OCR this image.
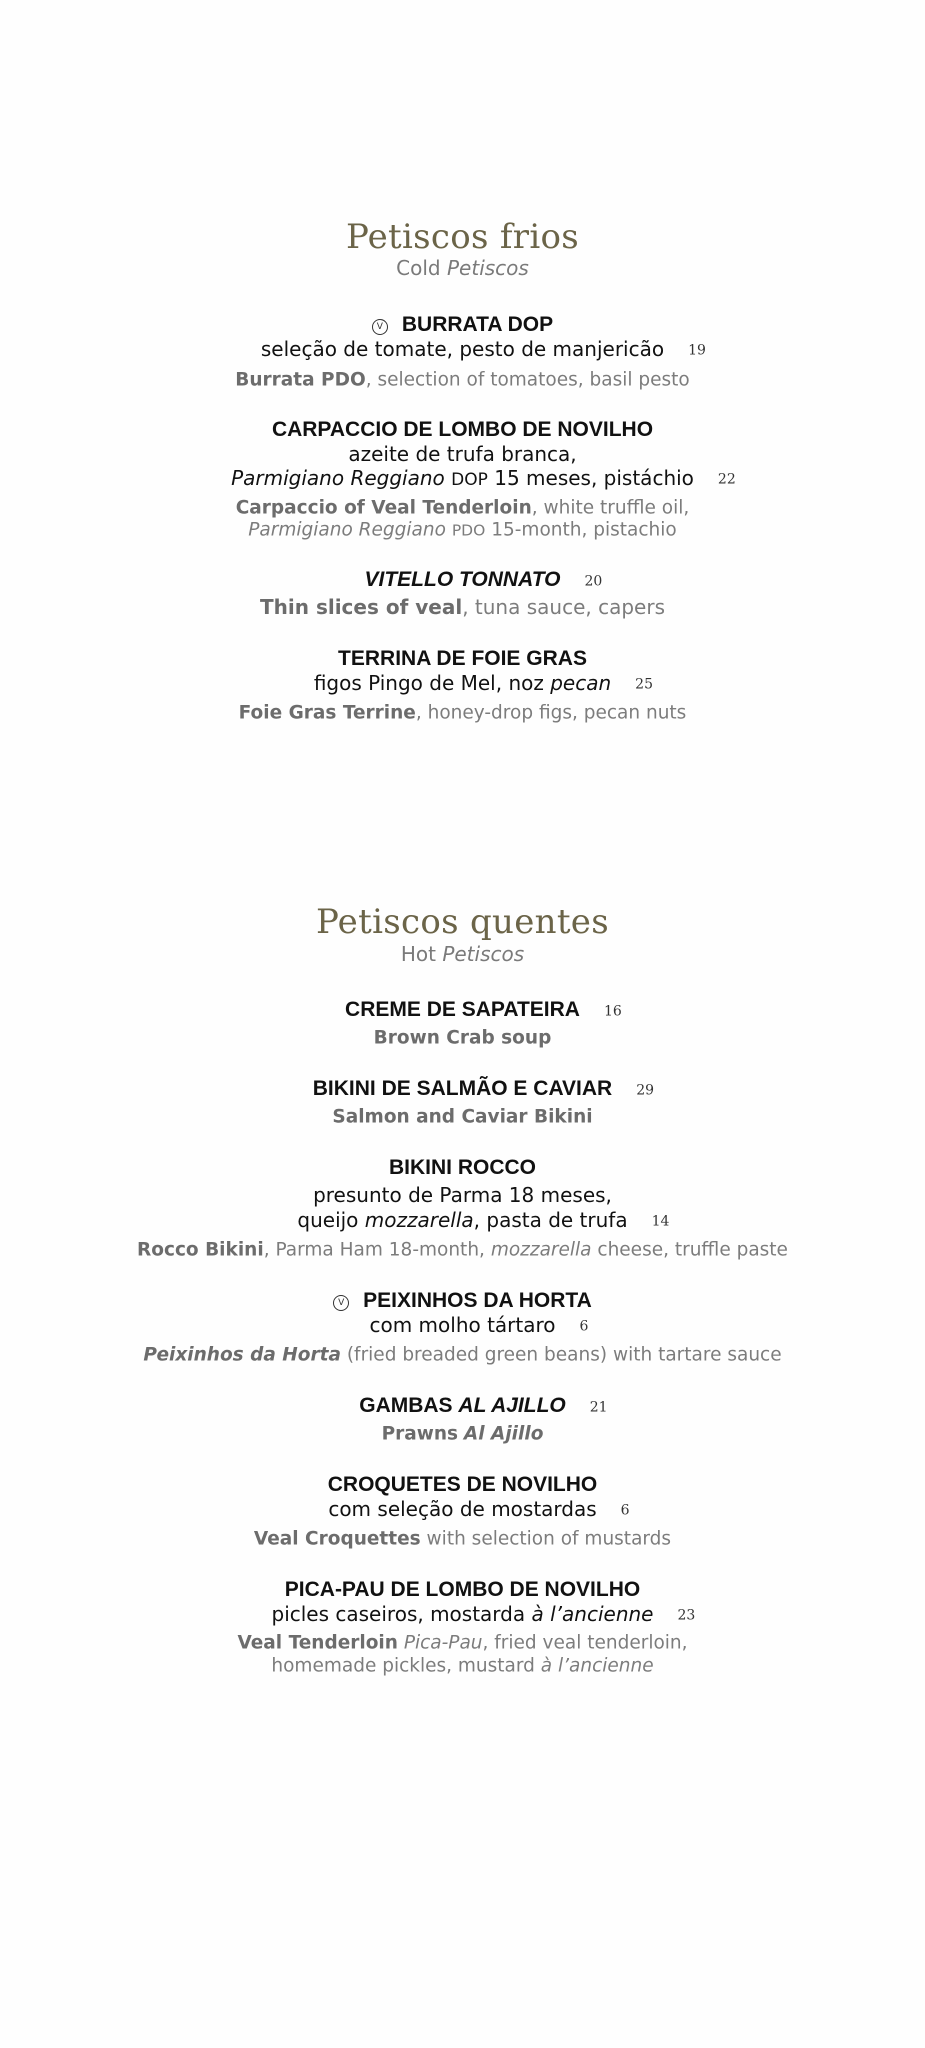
Petiscos frios
Cold Petiscos
V BURRATA DOP
seleção de tomate, pesto de manjericão 19
Burrata PDO, selection of tomatoes, basil pesto
CARPACCIO DE LOMBO DE NOVILHO
azeite de trufa branca,
Parmigiano Reggiano DOP 15 meses, pistáchio 22
Carpaccio of Veal Tenderloin, white truffle oil,
Parmigiano Reggiano PDO 15-month, pistachio
VITELLO TONNATO 20
Thin slices of veal, tuna sauce, capers
TERRINA DE FOIE GRAS
figos Pingo de Mel, noz pecan 25
Foie Gras Terrine, honey-drop figs, pecan nuts
Petiscos quentes
Hot Petiscos
CREME DE SAPATEIRA 16
Brown Crab soup
BIKINI DE SALMÃO E CAVIAR 29
Salmon and Caviar Bikini
BIKINI ROCCO
presunto de Parma 18 meses,
queijo mozzarella, pasta de trufa 14
Rocco Bikini, Parma Ham 18-month, mozzarella cheese, truffle paste
V PEIXINHOS DA HORTA
com molho tártaro 6
Peixinhos da Horta (fried breaded green beans) with tartare sauce
GAMBAS AL AJILLO 21
Prawns Al Ajillo
CROQUETES DE NOVILHO
com seleção de mostardas 6
Veal Croquettes with selection of mustards
PICA-PAU DE LOMBO DE NOVILHO
picles caseiros, mostarda à l’ancienne 23
Veal Tenderloin Pica-Pau, fried veal tenderloin,
homemade pickles, mustard à l’ancienne
